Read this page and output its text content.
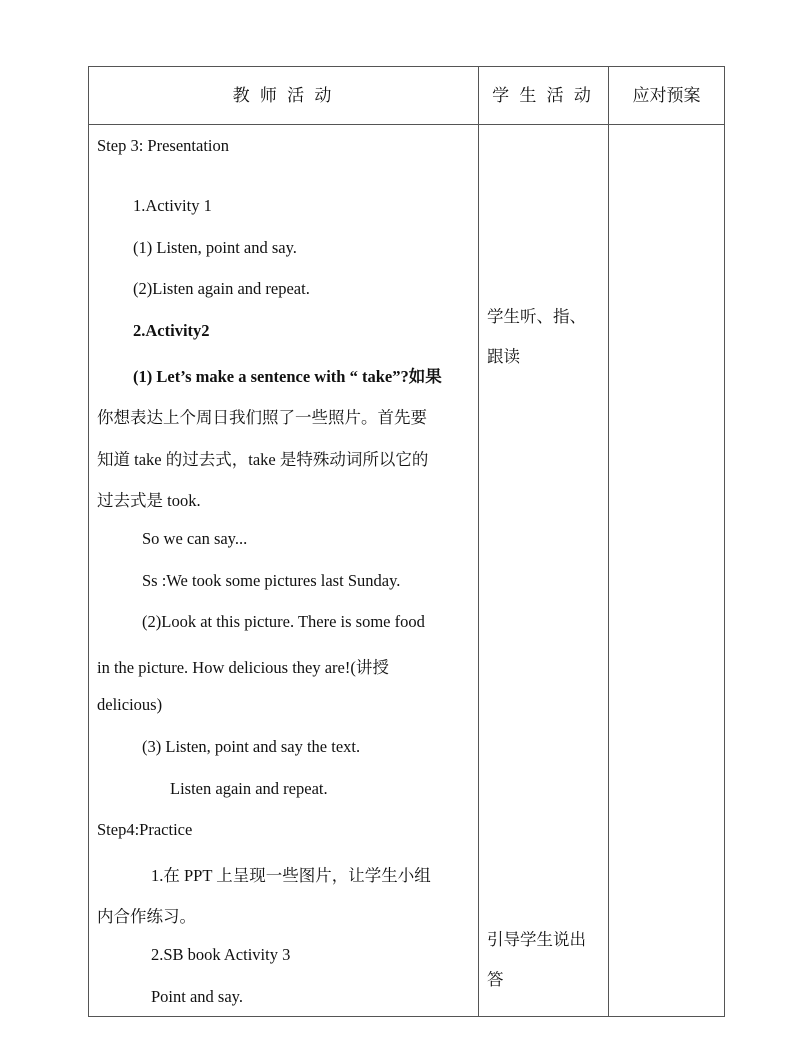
教 师 活 动	学 生 活 动	应对预案
Step 3: Presentation
1.Activity 1
(1) Listen, point and say.
(2)Listen again and repeat.
2.Activity2
(1) Let’s make a sentence with “ take”?如果
你想表达上个周日我们照了一些照片。首先要
知道 take 的过去式，take 是特殊动词所以它的
过去式是 took.
So we can say...
Ss :We took some pictures last Sunday.
(2)Look at this picture. There is some food
in the picture. How delicious they are!(讲授
delicious)
(3) Listen, point and say the text.
Listen again and repeat.
Step4:Practice
1.在 PPT 上呈现一些图片，让学生小组
内合作练习。
2.SB book Activity 3
Point and say.
学生听、指、
跟读
引导学生说出
答
